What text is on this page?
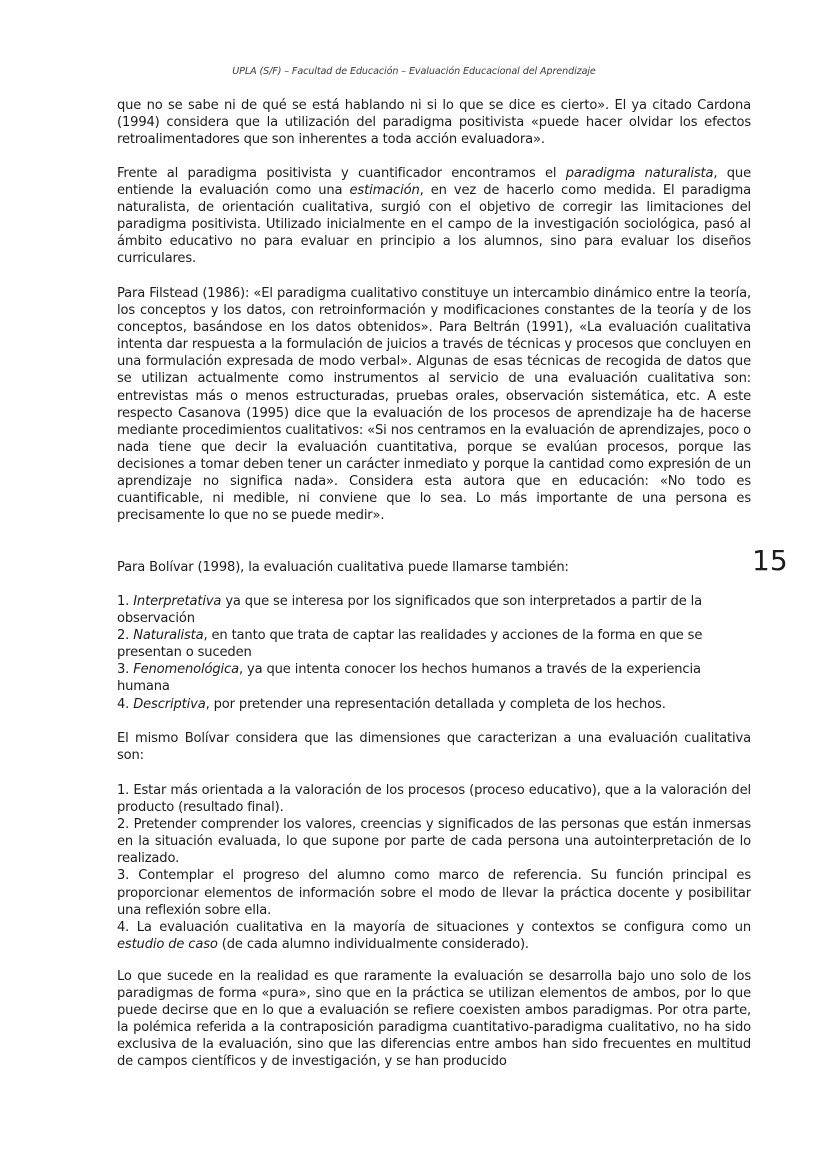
UPLA (S/F) – Facultad de Educación – Evaluación Educacional del Aprendizaje

que no se sabe ni de qué se está hablando ni si lo que se dice es cierto». El ya citado Cardona (1994) considera que la utilización del paradigma positivista «puede hacer olvidar los efectos retroalimentadores que son inherentes a toda acción evaluadora».

Frente al paradigma positivista y cuantificador encontramos el paradigma naturalista, que entiende la evaluación como una estimación, en vez de hacerlo como medida. El paradigma naturalista, de orientación cualitativa, surgió con el objetivo de corregir las limitaciones del paradigma positivista. Utilizado inicialmente en el campo de la investigación sociológica, pasó al ámbito educativo no para evaluar en principio a los alumnos, sino para evaluar los diseños curriculares.

Para Filstead (1986): «El paradigma cualitativo constituye un intercambio dinámico entre la teoría, los conceptos y los datos, con retroinformación y modificaciones constantes de la teoría y de los conceptos, basándose en los datos obtenidos». Para Beltrán (1991), «La evaluación cualitativa intenta dar respuesta a la formulación de juicios a través de técnicas y procesos que concluyen en una formulación expresada de modo verbal». Algunas de esas técnicas de recogida de datos que se utilizan actualmente como instrumentos al servicio de una evaluación cualitativa son: entrevistas más o menos estructuradas, pruebas orales, observación sistemática, etc. A este respecto Casanova (1995) dice que la evaluación de los procesos de aprendizaje ha de hacerse mediante procedimientos cualitativos: «Si nos centramos en la evaluación de aprendizajes, poco o nada tiene que decir la evaluación cuantitativa, porque se evalúan procesos, porque las decisiones a tomar deben tener un carácter inmediato y porque la cantidad como expresión de un aprendizaje no significa nada». Considera esta autora que en educación: «No todo es cuantificable, ni medible, ni conviene que lo sea. Lo más importante de una persona es precisamente lo que no se puede medir».

Para Bolívar (1998), la evaluación cualitativa puede llamarse también:	15

1. Interpretativa ya que se interesa por los significados que son interpretados a partir de la observación

2. Naturalista, en tanto que trata de captar las realidades y acciones de la forma en que se presentan o suceden

3. Fenomenológica, ya que intenta conocer los hechos humanos a través de la experiencia humana

4. Descriptiva, por pretender una representación detallada y completa de los hechos.

El mismo Bolívar considera que las dimensiones que caracterizan a una evaluación cualitativa son:

1. Estar más orientada a la valoración de los procesos (proceso educativo), que a la valoración del producto (resultado final).

2. Pretender comprender los valores, creencias y significados de las personas que están inmersas en la situación evaluada, lo que supone por parte de cada persona una autointerpretación de lo realizado.

3. Contemplar el progreso del alumno como marco de referencia. Su función principal es proporcionar elementos de información sobre el modo de llevar la práctica docente y posibilitar una reflexión sobre ella.

4. La evaluación cualitativa en la mayoría de situaciones y contextos se configura como un estudio de caso (de cada alumno individualmente considerado).

Lo que sucede en la realidad es que raramente la evaluación se desarrolla bajo uno solo de los paradigmas de forma «pura», sino que en la práctica se utilizan elementos de ambos, por lo que puede decirse que en lo que a evaluación se refiere coexisten ambos paradigmas. Por otra parte, la polémica referida a la contraposición paradigma cuantitativo-paradigma cualitativo, no ha sido exclusiva de la evaluación, sino que las diferencias entre ambos han sido frecuentes en multitud de campos científicos y de investigación, y se han producido
